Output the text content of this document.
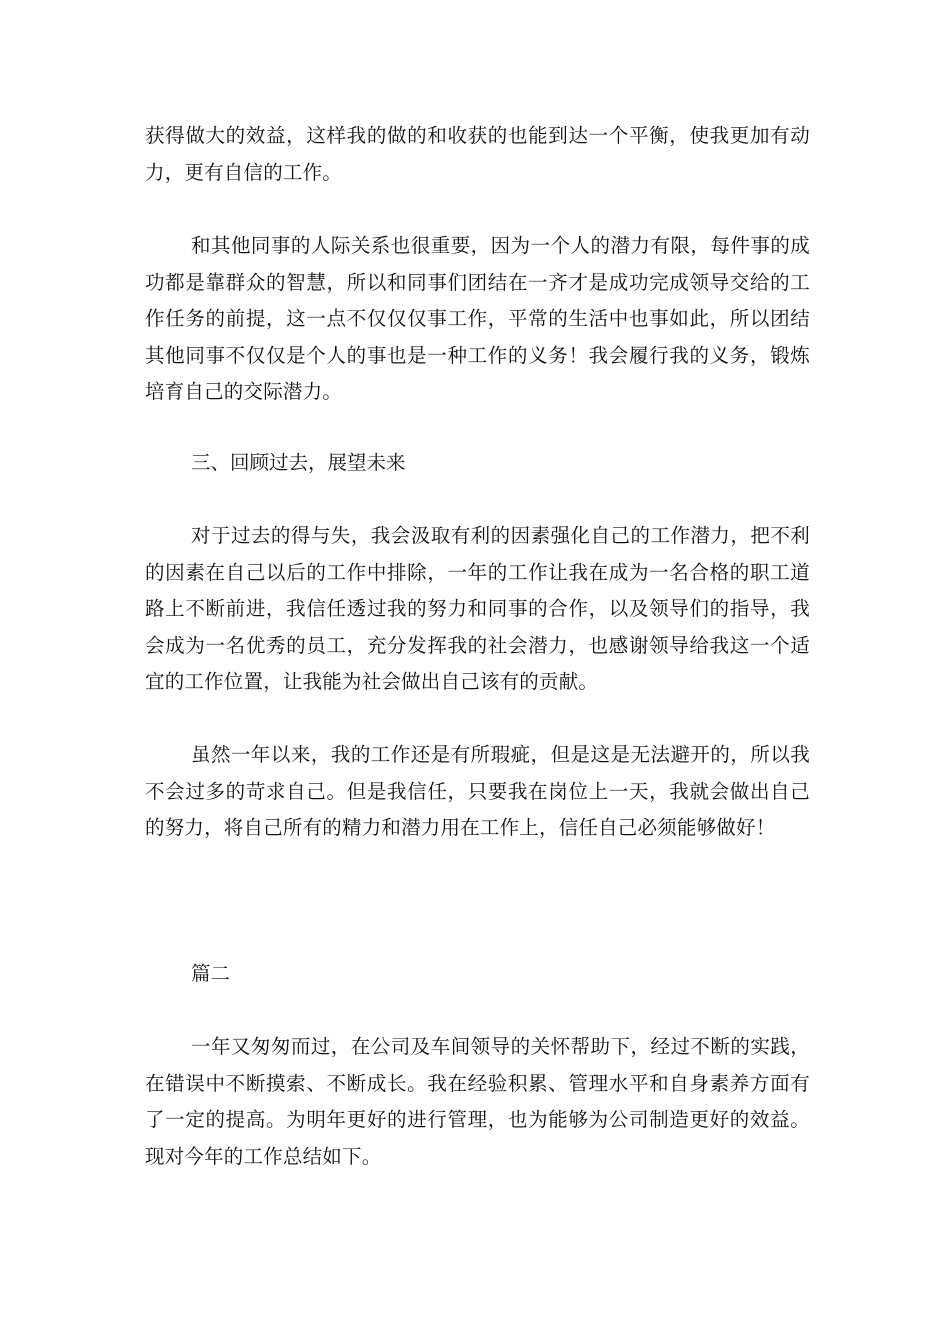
获得做大的效益，这样我的做的和收获的也能到达一个平衡，使我更加有动力，更有自信的工作。

和其他同事的人际关系也很重要，因为一个人的潜力有限，每件事的成功都是靠群众的智慧，所以和同事们团结在一齐才是成功完成领导交给的工作任务的前提，这一点不仅仅仅事工作，平常的生活中也事如此，所以团结其他同事不仅仅是个人的事也是一种工作的义务！我会履行我的义务，锻炼培育自己的交际潜力。

三、回顾过去，展望未来

对于过去的得与失，我会汲取有利的因素强化自己的工作潜力，把不利的因素在自己以后的工作中排除，一年的工作让我在成为一名合格的职工道路上不断前进，我信任透过我的努力和同事的合作，以及领导们的指导，我会成为一名优秀的员工，充分发挥我的社会潜力，也感谢领导给我这一个适宜的工作位置，让我能为社会做出自己该有的贡献。

虽然一年以来，我的工作还是有所瑕疵，但是这是无法避开的，所以我不会过多的苛求自己。但是我信任，只要我在岗位上一天，我就会做出自己的努力，将自己所有的精力和潜力用在工作上，信任自己必须能够做好！

篇二

一年又匆匆而过，在公司及车间领导的关怀帮助下，经过不断的实践，在错误中不断摸索、不断成长。我在经验积累、管理水平和自身素养方面有了一定的提高。为明年更好的进行管理，也为能够为公司制造更好的效益。现对今年的工作总结如下。
